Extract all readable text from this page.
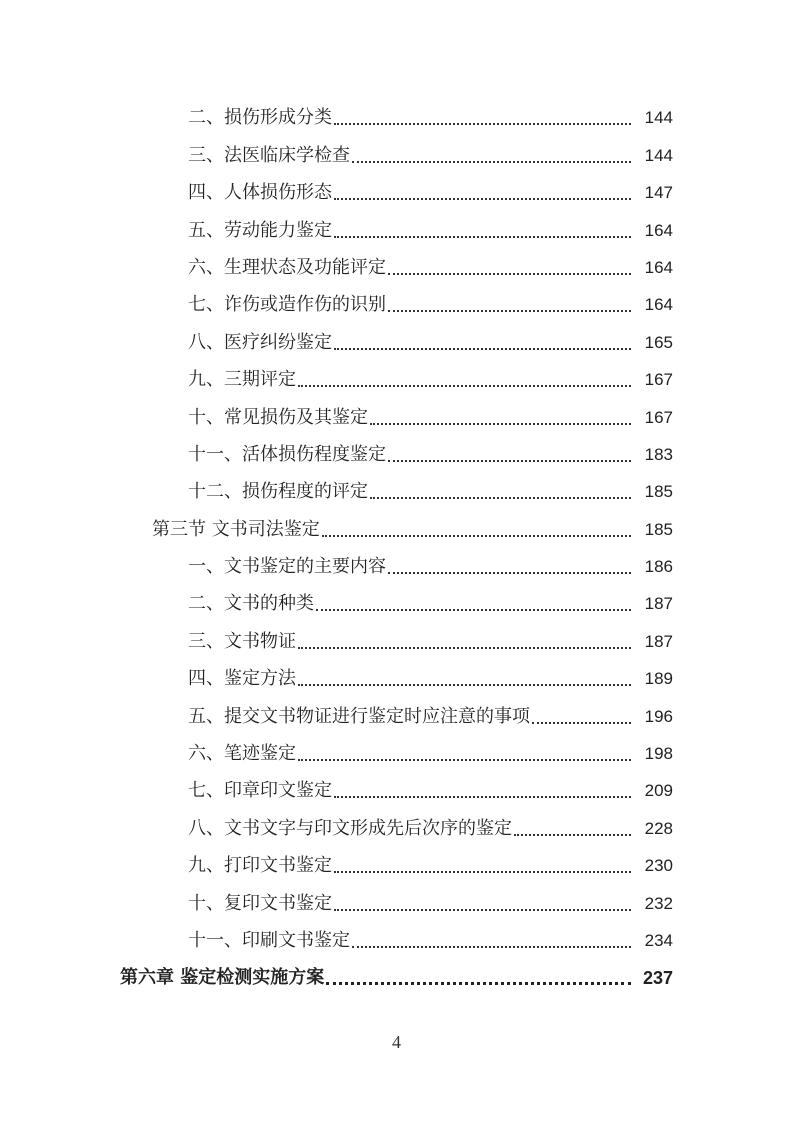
二、损伤形成分类	144
三、法医临床学检查	144
四、人体损伤形态	147
五、劳动能力鉴定	164
六、生理状态及功能评定	164
七、诈伤或造作伤的识别	164
八、医疗纠纷鉴定	165
九、三期评定	167
十、常见损伤及其鉴定	167
十一、活体损伤程度鉴定	183
十二、损伤程度的评定	185
第三节 文书司法鉴定	185
一、文书鉴定的主要内容	186
二、文书的种类	187
三、文书物证	187
四、鉴定方法	189
五、提交文书物证进行鉴定时应注意的事项	196
六、笔迹鉴定	198
七、印章印文鉴定	209
八、文书文字与印文形成先后次序的鉴定	228
九、打印文书鉴定	230
十、复印文书鉴定	232
十一、印刷文书鉴定	234
第六章 鉴定检测实施方案	237
4
